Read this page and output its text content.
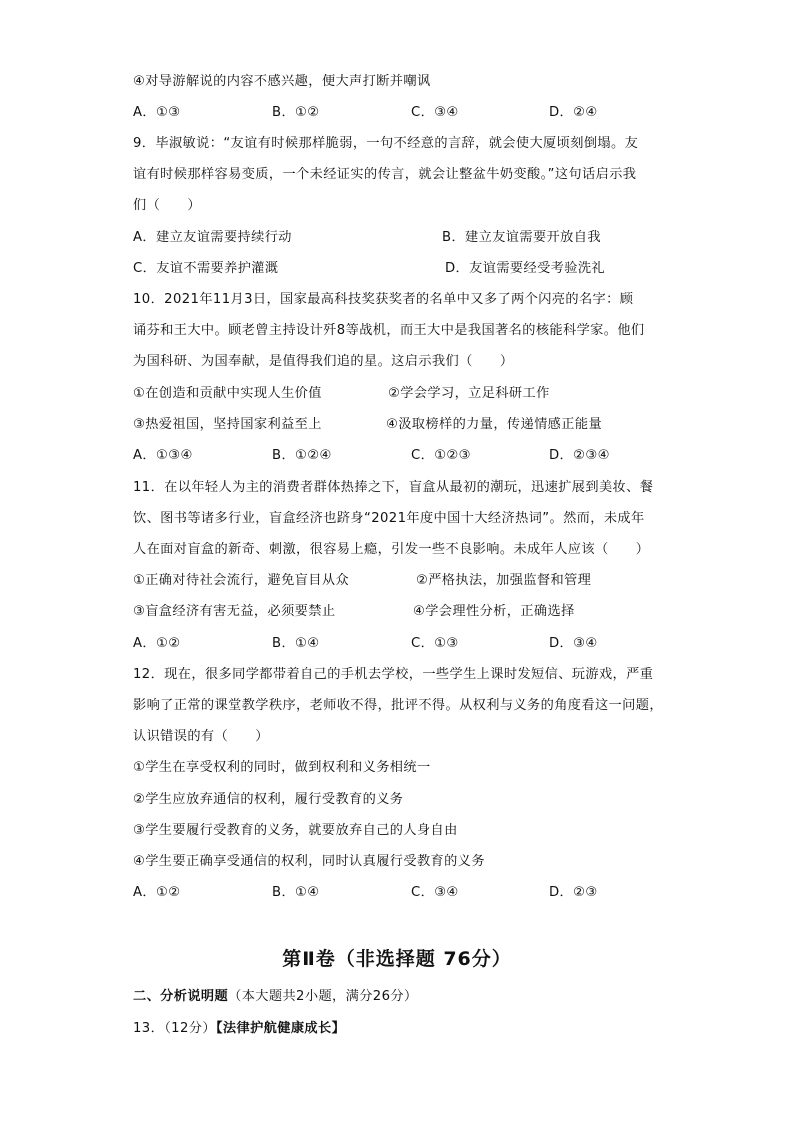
④对导游解说的内容不感兴趣，便大声打断并嘲讽
A．①③	B．①②	C．③④	D．②④
9．毕淑敏说：“友谊有时候那样脆弱，一句不经意的言辞，就会使大厦顷刻倒塌。友
谊有时候那样容易变质，一个未经证实的传言，就会让整盆牛奶变酸。”这句话启示我
们（　　）
A．建立友谊需要持续行动	B．建立友谊需要开放自我
C．友谊不需要养护灌溉	D．友谊需要经受考验洗礼
10．2021年11月3日，国家最高科技奖获奖者的名单中又多了两个闪亮的名字：顾
诵芬和王大中。顾老曾主持设计歼8等战机，而王大中是我国著名的核能科学家。他们
为国科研、为国奉献，是值得我们追的星。这启示我们（　　）
①在创造和贡献中实现人生价值	②学会学习，立足科研工作
③热爱祖国，坚持国家利益至上	④汲取榜样的力量，传递情感正能量
A．①③④	B．①②④	C．①②③	D．②③④
11．在以年轻人为主的消费者群体热捧之下，盲盒从最初的潮玩，迅速扩展到美妆、餐
饮、图书等诸多行业，盲盒经济也跻身“2021年度中国十大经济热词”。然而，未成年
人在面对盲盒的新奇、刺激，很容易上瘾，引发一些不良影响。未成年人应该（　　）
①正确对待社会流行，避免盲目从众	②严格执法，加强监督和管理
③盲盒经济有害无益，必须要禁止	④学会理性分析，正确选择
A．①②	B．①④	C．①③	D．③④
12．现在，很多同学都带着自己的手机去学校，一些学生上课时发短信、玩游戏，严重
影响了正常的课堂教学秩序，老师收不得，批评不得。从权利与义务的角度看这一问题，
认识错误的有（　　）
①学生在享受权利的同时，做到权利和义务相统一
②学生应放弃通信的权利，履行受教育的义务
③学生要履行受教育的义务，就要放弃自己的人身自由
④学生要正确享受通信的权利，同时认真履行受教育的义务
A．①②	B．①④	C．③④	D．②③
第Ⅱ卷（非选择题 76分）
二、分析说明题（本大题共2小题，满分26分）
13．（12分）【法律护航健康成长】
